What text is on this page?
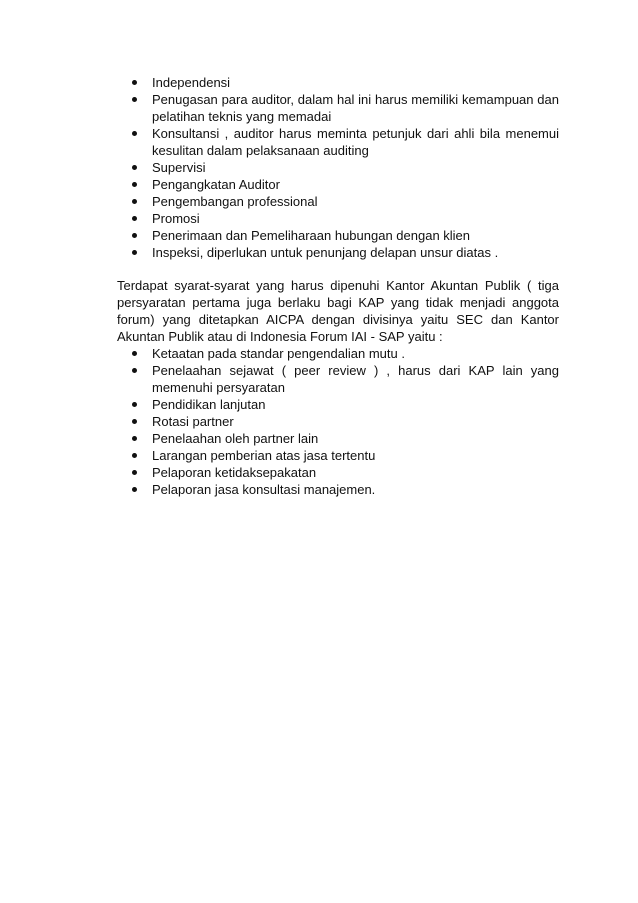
Independensi
Penugasan para auditor, dalam hal ini harus memiliki kemampuan dan pelatihan teknis yang memadai
Konsultansi , auditor harus meminta petunjuk dari ahli bila menemui kesulitan dalam pelaksanaan auditing
Supervisi
Pengangkatan Auditor
Pengembangan professional
Promosi
Penerimaan dan Pemeliharaan hubungan dengan klien
Inspeksi, diperlukan untuk penunjang delapan unsur diatas .

Terdapat syarat-syarat yang harus dipenuhi Kantor Akuntan Publik ( tiga persyaratan pertama juga berlaku bagi KAP yang tidak menjadi anggota forum) yang ditetapkan AICPA dengan divisinya yaitu SEC dan Kantor Akuntan Publik atau di Indonesia Forum IAI - SAP yaitu :

Ketaatan pada standar pengendalian mutu .
Penelaahan sejawat ( peer review ) , harus dari KAP lain yang memenuhi persyaratan
Pendidikan lanjutan
Rotasi partner
Penelaahan oleh partner lain
Larangan pemberian atas jasa tertentu
Pelaporan ketidaksepakatan
Pelaporan jasa konsultasi manajemen.
